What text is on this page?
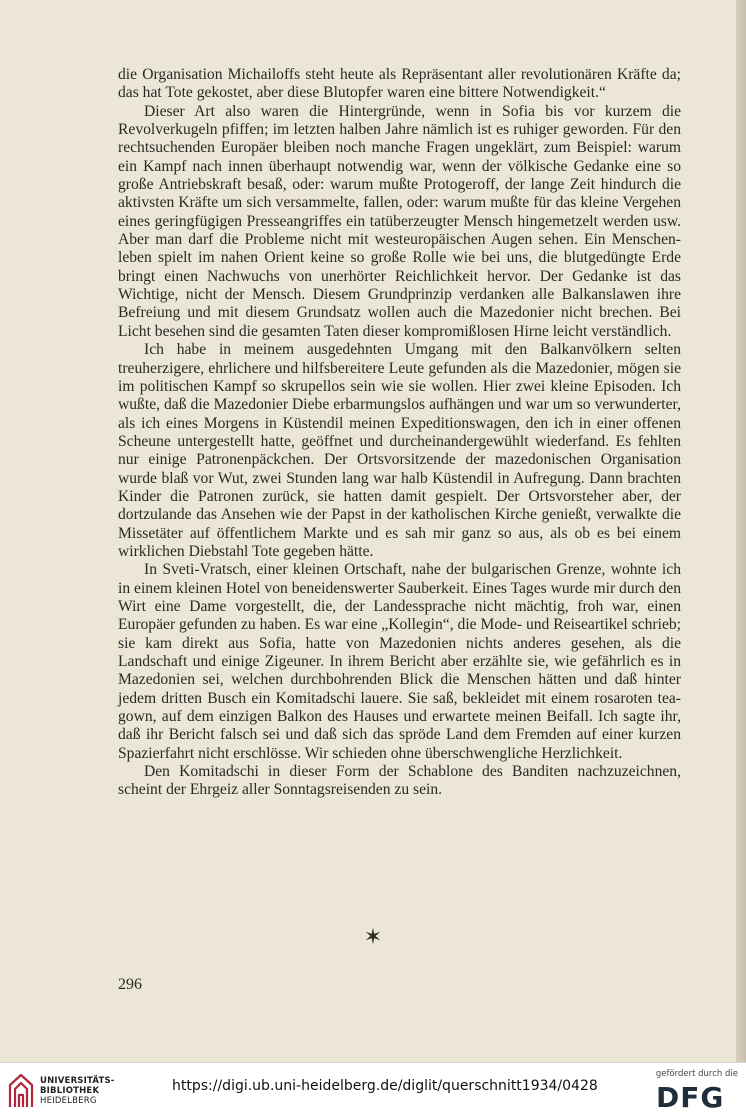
die Organisation Michailoffs steht heute als Repräsentant aller revolutionären Kräfte da; das hat Tote gekostet, aber diese Blutopfer waren eine bittere Notwendigkeit.“

Dieser Art also waren die Hintergründe, wenn in Sofia bis vor kurzem die Revolverkugeln pfiffen; im letzten halben Jahre nämlich ist es ruhiger geworden. Für den rechtsuchenden Europäer bleiben noch manche Fragen ungeklärt, zum Beispiel: warum ein Kampf nach innen überhaupt notwendig war, wenn der völkische Gedanke eine so große Antriebskraft besaß, oder: warum mußte Protogeroff, der lange Zeit hindurch die aktivsten Kräfte um sich versammelte, fallen, oder: warum mußte für das kleine Vergehen eines geringfügigen Presseangriffes ein tatüberzeugter Mensch hingemetzelt werden usw. Aber man darf die Probleme nicht mit westeuropäischen Augen sehen. Ein Menschenleben spielt im nahen Orient keine so große Rolle wie bei uns, die blutgedüngte Erde bringt einen Nachwuchs von unerhörter Reichlichkeit hervor. Der Gedanke ist das Wichtige, nicht der Mensch. Diesem Grundprinzip verdanken alle Balkanslawen ihre Befreiung und mit diesem Grundsatz wollen auch die Mazedonier nicht brechen. Bei Licht besehen sind die gesamten Taten dieser kompromißlosen Hirne leicht verständlich.

Ich habe in meinem ausgedehnten Umgang mit den Balkanvölkern selten treuherzigere, ehrlichere und hilfsbereitere Leute gefunden als die Mazedonier, mögen sie im politischen Kampf so skrupellos sein wie sie wollen. Hier zwei kleine Episoden. Ich wußte, daß die Mazedonier Diebe erbarmungslos aufhängen und war um so verwunderter, als ich eines Morgens in Küstendil meinen Expeditionswagen, den ich in einer offenen Scheune untergestellt hatte, geöffnet und durcheinandergewühlt wiederfand. Es fehlten nur einige Patronenpäckchen. Der Ortsvorsitzende der mazedonischen Organisation wurde blaß vor Wut, zwei Stunden lang war halb Küstendil in Aufregung. Dann brachten Kinder die Patronen zurück, sie hatten damit gespielt. Der Ortsvorsteher aber, der dortzulande das Ansehen wie der Papst in der katholischen Kirche genießt, verwalkte die Missetäter auf öffentlichem Markte und es sah mir ganz so aus, als ob es bei einem wirklichen Diebstahl Tote gegeben hätte.

In Sveti-Vratsch, einer kleinen Ortschaft, nahe der bulgarischen Grenze, wohnte ich in einem kleinen Hotel von beneidenswerter Sauberkeit. Eines Tages wurde mir durch den Wirt eine Dame vorgestellt, die, der Landessprache nicht mächtig, froh war, einen Europäer gefunden zu haben. Es war eine „Kollegin“, die Mode- und Reiseartikel schrieb; sie kam direkt aus Sofia, hatte von Mazedonien nichts anderes gesehen, als die Landschaft und einige Zigeuner. In ihrem Bericht aber erzählte sie, wie gefährlich es in Mazedonien sei, welchen durchbohrenden Blick die Menschen hätten und daß hinter jedem dritten Busch ein Komitadschi lauere. Sie saß, bekleidet mit einem rosaroten tea-gown, auf dem einzigen Balkon des Hauses und erwartete meinen Beifall. Ich sagte ihr, daß ihr Bericht falsch sei und daß sich das spröde Land dem Fremden auf einer kurzen Spazierfahrt nicht erschlösse. Wir schieden ohne überschwengliche Herzlichkeit.

Den Komitadschi in dieser Form der Schablone des Banditen nachzuzeichnen, scheint der Ehrgeiz aller Sonntagsreisenden zu sein.

✶
296
UNIVERSITÄTS-
BIBLIOTHEK
HEIDELBERG
https://digi.ub.uni-heidelberg.de/diglit/querschnitt1934/0428
gefördert durch die
DFG
